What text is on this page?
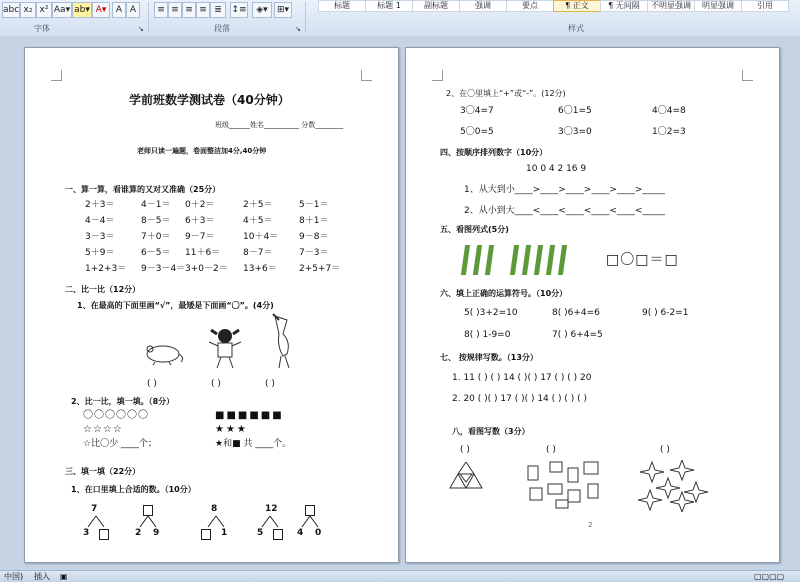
abc x₂ x² Aa▾ ab▾ A▾	A A	≡ ≡ ≡ ≡ ≣	↕≡	◈▾	⊞▾	标题	标题 1	副标题	强调	要点	¶ 正文	¶ 无间隔	不明显强调	明显强调	引用
字体	段落	样式
↘	↘
学前班数学测试卷（40分钟）
班级______姓名__________ 分数________
老师只读一遍题，卷面整洁加4分,40分钟
一、算一算，看谁算的又对又准确（25分）
二、比一比（12分）
1、在最高的下面里画“√”，最矮是下面画“〇”。(4分)
( )	( )	( )
2、比一比，填一填。（8分）
〇〇〇〇〇〇
☆☆☆☆
☆比〇少 ____个；
■■■■■■
★★★
★和■ 共 ____个。
三、填一填（22分）
1、在口里填上合适的数。（10分）
2＋3＝	4－1＝ 0＋2＝	2＋5＝	5－1＝
4－4＝	8－5＝ 6＋3＝	4＋5＝	8＋1＝
3－3＝	7＋0＝ 9－7＝	10＋4＝ 9－8＝
5＋9＝	6－5＝ 11＋6＝	8－7＝	7－3＝
1+2+3＝ 9－3－4＝ 3+0－2＝ 13+6＝ 2+5+7＝
7
3	2 9
8
1
12
5	4 0
2、在〇里填上“+”或“-”。(12分)
3〇4=7	6〇1=5	4〇4=8
5〇0=5	3〇3=0	1〇2=3
四、按顺序排列数字（10分）
10 0 4 2 16 9
1、从大到小____>____>____>____>____>_____
2、从小到大____<____<____<____<____<_____
五、看图列式(5分)
□〇□＝□
六、填上正确的运算符号。（10分）
5( )3+2=10	8( )6+4=6	9( ) 6-2=1
8( ) 1-9=0	7( ) 6+4=5
七、 按规律写数。（13分）
1. 11 ( ) ( ) 14 ( )( ) 17 ( ) ( ) 20
2. 20 ( )( ) 17 ( )( ) 14 ( ) ( ) ( )
八，看图写数（3分）
( )	( )	( )
2
中国) 插入 ▣	▢▢▢▢
